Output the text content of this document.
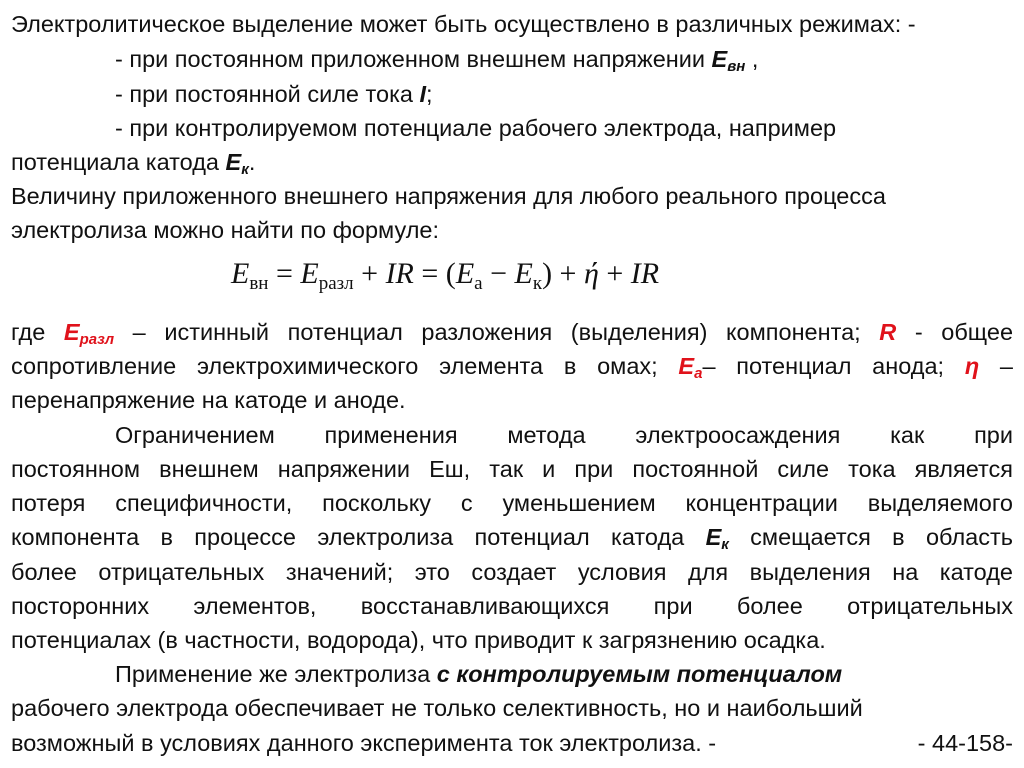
Электролитическое выделение может быть осуществлено в различных режимах: -
- при постоянном приложенном внешнем напряжении $E_{вн}$ ,
- при постоянной силе тока I;
- при контролируемом потенциале рабочего электрода, например
потенциала катода $E_к$.
Величину приложенного внешнего напряжения для любого реального процесса
электролиза можно найти по формуле:
$E_{вн} = E_{разл}$ + IR = $(E_а - E_к) + ή$ + IR
где $E_{разл}$ – истинный потенциал разложения (выделения) компонента; R - общее
сопротивление электрохимического элемента в омах; $E_а-$ потенциал анода; η –
перенапряжение на катоде и аноде.
Ограничением применения метода электроосаждения как при
постоянном внешнем напряжении Еш, так и при постоянной силе тока является
потеря специфичности, поскольку с уменьшением концентрации выделяемого
компонента в процессе электролиза потенциал катода $E_к$ смещается в область
более отрицательных значений; это создает условия для выделения на катоде
посторонних элементов, восстанавливающихся при более отрицательных
потенциалах (в частности, водорода), что приводит к загрязнению осадка.
Применение же электролиза с контролируемым потенциалом
рабочего электрода обеспечивает не только селективность, но и наибольший
возможный в условиях данного эксперимента ток электролиза. -	- 44-158-
